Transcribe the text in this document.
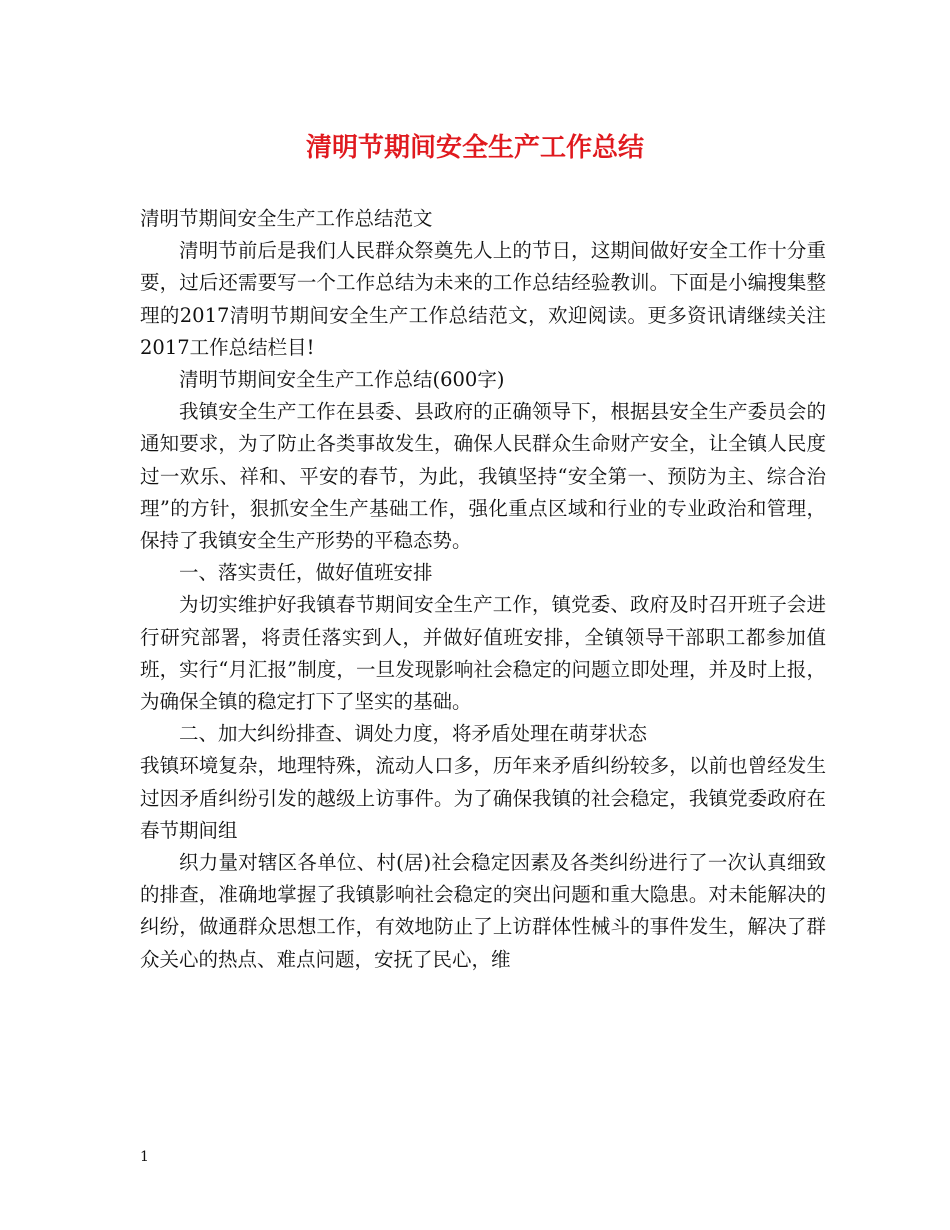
清明节期间安全生产工作总结

清明节期间安全生产工作总结范文

清明节前后是我们人民群众祭奠先人上的节日，这期间做好安全工作十分重要，过后还需要写一个工作总结为未来的工作总结经验教训。下面是小编搜集整理的2017清明节期间安全生产工作总结范文，欢迎阅读。更多资讯请继续关注2017工作总结栏目!

清明节期间安全生产工作总结(600字)

我镇安全生产工作在县委、县政府的正确领导下，根据县安全生产委员会的通知要求，为了防止各类事故发生，确保人民群众生命财产安全，让全镇人民度过一欢乐、祥和、平安的春节，为此，我镇坚持“安全第一、预防为主、综合治理”的方针，狠抓安全生产基础工作，强化重点区域和行业的专业政治和管理，保持了我镇安全生产形势的平稳态势。

一、落实责任，做好值班安排

为切实维护好我镇春节期间安全生产工作，镇党委、政府及时召开班子会进行研究部署，将责任落实到人，并做好值班安排，全镇领导干部职工都参加值班，实行“月汇报”制度，一旦发现影响社会稳定的问题立即处理，并及时上报，为确保全镇的稳定打下了坚实的基础。

二、加大纠纷排查、调处力度，将矛盾处理在萌芽状态

我镇环境复杂，地理特殊，流动人口多，历年来矛盾纠纷较多，以前也曾经发生过因矛盾纠纷引发的越级上访事件。为了确保我镇的社会稳定，我镇党委政府在春节期间组

织力量对辖区各单位、村(居)社会稳定因素及各类纠纷进行了一次认真细致的排查，准确地掌握了我镇影响社会稳定的突出问题和重大隐患。对未能解决的纠纷，做通群众思想工作，有效地防止了上访群体性械斗的事件发生，解决了群众关心的热点、难点问题，安抚了民心，维

1
